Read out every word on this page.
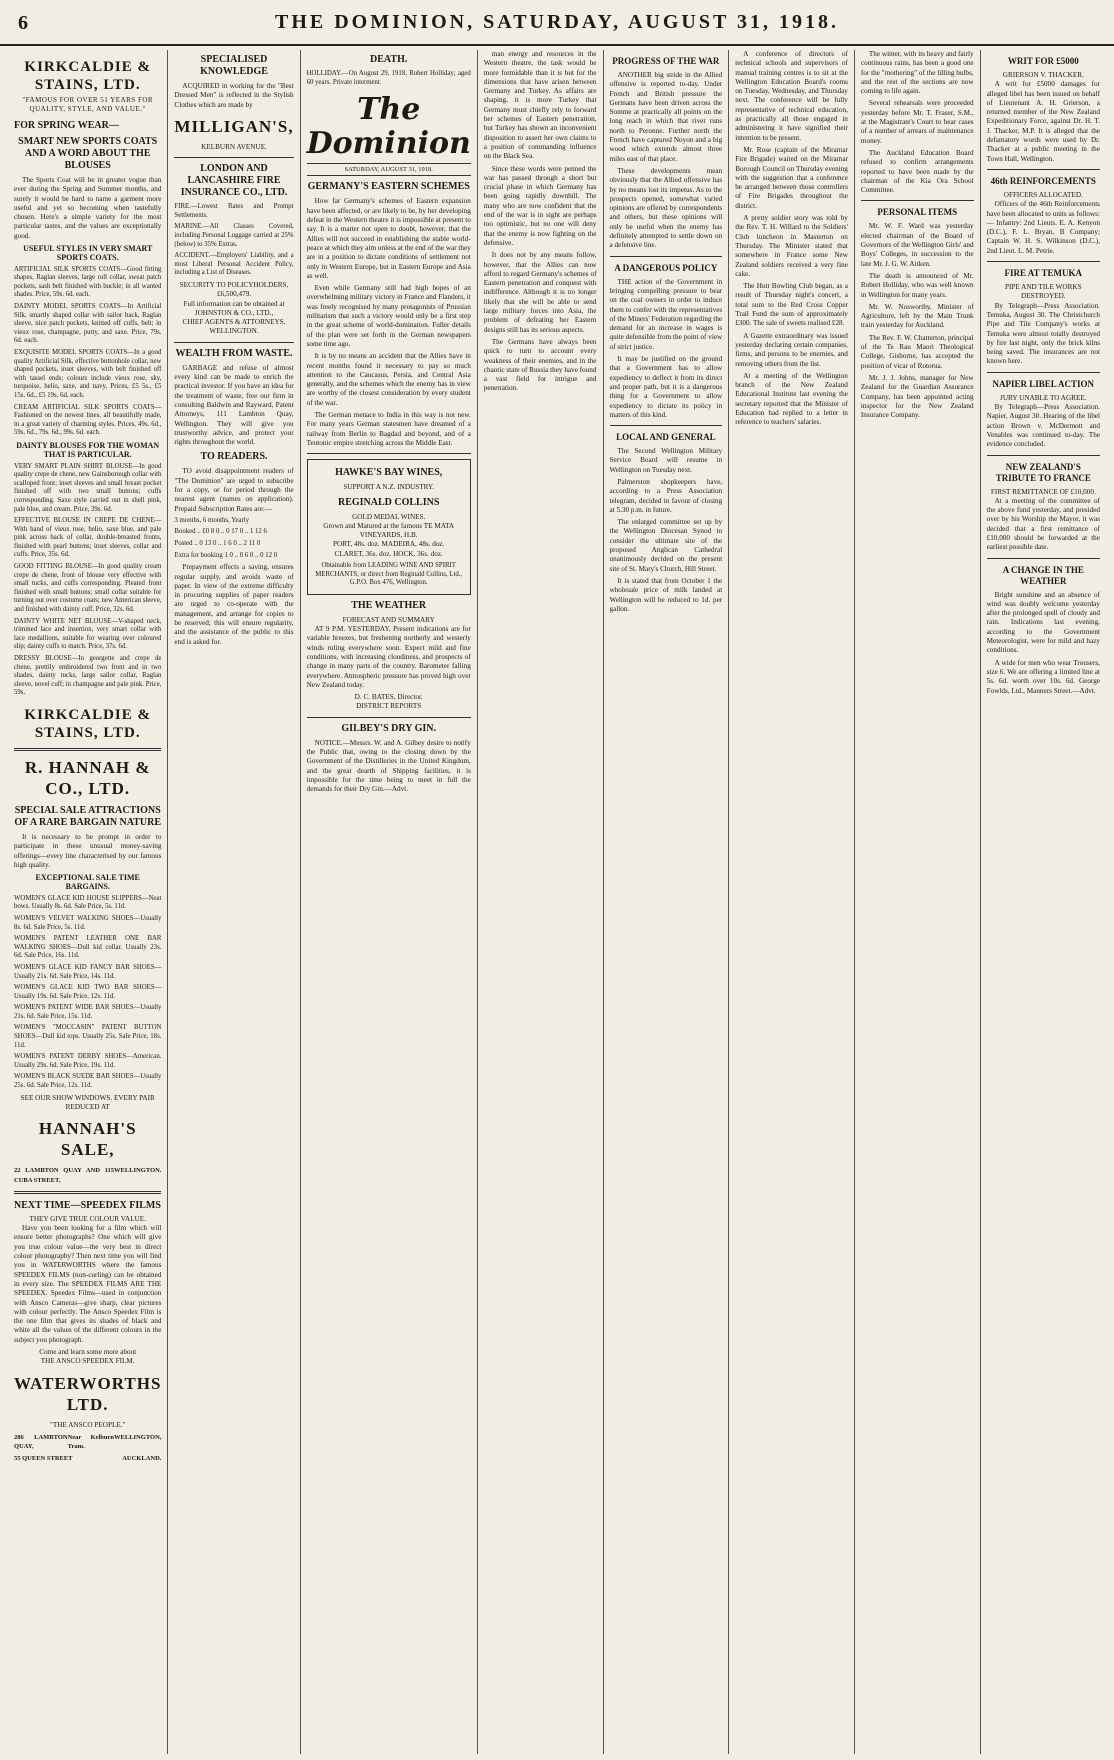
6	THE DOMINION, SATURDAY, AUGUST 31, 1918.
KIRKCALDIE & STAINS, LTD.
"FAMOUS FOR OVER 51 YEARS FOR QUALITY, STYLE, AND VALUE."
FOR SPRING WEAR—
SMART NEW SPORTS COATS AND A WORD ABOUT THE BLOUSES
The Sports Coat will be in greater vogue than ever during the Spring and Summer months, and surely it would be hard to name a garment more useful and yet so becoming when tastefully chosen. Here's a simple variety for the most particular tastes, and the values are exceptionally good.
USEFUL STYLES IN VERY SMART SPORTS COATS.
ARTIFICIAL SILK SPORTS COATS—Good fitting shapes, Raglan sleeves, large roll collar, sweat patch pockets, sash belt finished with buckle; in all wanted shades. Price, 59s. 6d. each.
DAINTY MODEL SPORTS COATS—In Artificial Silk, smartly shaped collar with sailor back, Raglan sleeve, nice patch pockets, knitted off cuffs, belt; in vieux rose, champagne, putty, and saxe. Price, 79s. 6d. each.
EXQUISITE MODEL SPORTS COATS—In a good quality Artificial Silk, effective buttonhole collar, new shaped pockets, inset sleeves, with belt finished off with tassel ends; colours include vieux rose, sky, turquoise, helio, saxe, and navy. Prices, £5 5s., £5 15s. 6d., £5 19s. 6d. each.
CREAM ARTIFICIAL SILK SPORTS COATS—Fashioned on the newest lines, all beautifully made, in a great variety of charming styles. Prices, 49s. 6d., 59s. 6d., 79s. 6d., 99s. 6d. each.
DAINTY BLOUSES FOR THE WOMAN THAT IS PARTICULAR.
VERY SMART PLAIN SHIRT BLOUSE—In good quality crepe de chene, new Gainsborough collar with scalloped front; inset sleeves and small breast pocket finished off with two small buttons; cuffs corresponding. Saxe style carried out in shell pink, pale blue, and cream. Price, 39s. 6d.
EFFECTIVE BLOUSE IN CREPE DE CHENE—With band of vieux rose, helio, saxe blue, and pale pink across back of collar, double-breasted fronts, finished with pearl buttons; inset sleeves, collar and cuffs. Price, 35s. 6d.
GOOD FITTING BLOUSE—In good quality cream crepe de chene, front of blouse very effective with small tucks, and cuffs corresponding. Pleated front finished with small buttons; small collar suitable for turning out over costume coats; new American sleeve, and finished with dainty cuff. Price, 32s. 6d.
DAINTY WHITE NET BLOUSE—V-shaped neck, trimmed lace and insertion, very smart collar with lace medallions, suitable for wearing over coloured slip; dainty cuffs to match. Price, 37s. 6d.
DRESSY BLOUSE—In georgette and crepe de chene, prettily embroidered two front and in two shades, dainty tucks, large sailor collar, Raglan sleeve, novel cuff; in champagne and pale pink. Price, 59s.
KIRKCALDIE & STAINS, LTD.
R. HANNAH & CO., LTD.
SPECIAL SALE ATTRACTIONS OF A RARE BARGAIN NATURE
It is necessary to be prompt in order to participate in these unusual money-saving offerings—every line characterised by our famous high quality.
EXCEPTIONAL SALE TIME BARGAINS.
WOMEN'S GLACE KID HOUSE SLIPPERS—Neat bows. Usually 8s. 6d. Sale Price, 5s. 11d.
WOMEN'S VELVET WALKING SHOES—Usually 8s. 6d. Sale Price, 5s. 11d.
WOMEN'S PATENT LEATHER ONE BAR WALKING SHOES—Dull kid collar. Usually 23s. 6d. Sale Price, 16s. 11d.
WOMEN'S GLACE KID FANCY BAR SHOES—Usually 21s. 6d. Sale Price, 14s. 11d.
WOMEN'S GLACE KID TWO BAR SHOES—Usually 19s. 6d. Sale Price, 12s. 11d.
WOMEN'S PATENT WIDE BAR SHOES—Usually 21s. 6d. Sale Price, 15s. 11d.
WOMEN'S "MOCCASIN" PATENT BUTTON SHOES—Dull kid tops. Usually 25s. Sale Price, 18s. 11d.
WOMEN'S PATENT DERBY SHOES—American. Usually 29s. 6d. Sale Price, 19s. 11d.
WOMEN'S BLACK SUEDE BAR SHOES—Usually 25s. 6d. Sale Price, 12s. 11d.
SEE OUR SHOW WINDOWS. EVERY PAIR REDUCED AT
HANNAH'S SALE,
22 LAMBTON QUAY AND 115 CUBA STREET,
WELLINGTON.
NEXT TIME—SPEEDEX FILMS
THEY GIVE TRUE COLOUR VALUE.
Have you been looking for a film which will ensure better photographs? One which will give you true colour value—the very best in direct colour photography? Then next time you will find you in WATERWORTHS where the famous SPEEDEX FILMS (non-curling) can be obtained in every size. The SPEEDEX FILMS ARE THE SPEEDEX. Speedex Films—used in conjunction with Ansco Cameras—give sharp, clear pictures with colour perfectly. The Ansco Speedex Film is the one film that gives its shades of black and white all the values of the different colours in the subject you photograph.
Come and learn some more about
THE ANSCO SPEEDEX FILM.
WATERWORTHS LTD.
"THE ANSCO PEOPLE."
286 LAMBTON QUAY,
Near Kelburn Tram.
WELLINGTON,
55 QUEEN STREET	AUCKLAND.
SPECIALISED KNOWLEDGE
ACQUIRED in working for the "Best Dressed Men" is reflected in the Stylish Clothes which are made by
MILLIGAN'S,
KELBURN AVENUE.
LONDON AND LANCASHIRE FIRE INSURANCE CO., LTD.
FIRE.—Lowest Rates and Prompt Settlements.
MARINE.—All Classes Covered, including Personal Luggage carried at 25% (below) to 35% Extras.
ACCIDENT.—Employers' Liability, and a most Liberal Personal Accident Policy, including a List of Diseases.
SECURITY TO POLICYHOLDERS,
£6,500,479.
Full information can be obtained at
JOHNSTON & CO., LTD.,
CHIEF AGENTS & ATTORNEYS,
WELLINGTON.
WEALTH FROM WASTE.
GARBAGE and refuse of almost every kind can be made to enrich the practical investor. If you have an idea for the treatment of waste, free our firm in consulting Baldwin and Rayward, Patent Attorneys, 111 Lambton Quay, Wellington. They will give you trustworthy advice, and protect your rights throughout the world.
TO READERS.
TO avoid disappointment readers of "The Dominion" are urged to subscribe for a copy, or for period through the nearest agent (names on application). Prepaid Subscription Rates are:—
3 months, 6 months, Yearly
Booked .. £0 8 0 .. 0 17 0 .. 1 12 6
Posted .. 0 13 0 .. 1 6 0 .. 2 11 0
Extra for booking 1 0 .. 0 6 0 .. 0 12 0
Prepayment effects a saving, ensures regular supply, and avoids waste of paper. In view of the extreme difficulty in procuring supplies of paper readers are urged to co-operate with the management, and arrange for copies to be reserved; this will ensure regularity, and the assistance of the public to this end is asked for.
DEATH.
HOLLIDAY.—On August 29, 1918, Robert Holliday; aged 60 years. Private interment.
The Dominion
SATURDAY, AUGUST 31, 1918.
GERMANY'S EASTERN SCHEMES
How far Germany's schemes of Eastern expansion have been affected, or are likely to be, by her developing defeat in the Western theatre it is impossible at present to say. It is a matter not open to doubt, however, that the Allies will not succeed in establishing the stable world-peace at which they aim unless at the end of the war they are in a position to dictate conditions of settlement not only in Western Europe, but in Eastern Europe and Asia as well.
Even while Germany still had high hopes of an overwhelming military victory in France and Flanders, it was freely recognised by many protagonists of Prussian militarism that such a victory would only be a first step in the great scheme of world-domination. Fuller details of the plan were set forth in the German newspapers some time ago.
It is by no means an accident that the Allies have in recent months found it necessary to pay so much attention to the Caucasus, Persia, and Central Asia generally, and the schemes which the enemy has in view are worthy of the closest consideration by every student of the war.
The German menace to India in this way is not new. For many years German statesmen have dreamed of a railway from Berlin to Bagdad and beyond, and of a Teutonic empire stretching across the Middle East.
HAWKE'S BAY WINES,
SUPPORT A N.Z. INDUSTRY.
REGINALD COLLINS
GOLD MEDAL WINES.
Grown and Matured at the famous TE MATA VINEYARDS, H.B.
PORT, 48s. doz. MADEIRA, 48s. doz.
CLARET, 36s. doz. HOCK, 36s. doz.
Obtainable from LEADING WINE AND SPIRIT MERCHANTS, or direct from Reginald Collins, Ltd., G.P.O. Box 476, Wellington.
THE WEATHER
FORECAST AND SUMMARY
AT 9 P.M. YESTERDAY. Present indications are for variable breezes, but freshening northerly and westerly winds ruling everywhere soon. Expect mild and fine conditions, with increasing cloudiness, and prospects of change in many parts of the country. Barometer falling everywhere. Atmospheric pressure has proved high over New Zealand today.
D. C. BATES, Director.
DISTRICT REPORTS
GILBEY'S DRY GIN.
NOTICE.—Messrs. W. and A. Gilbey desire to notify the Public that, owing to the closing down by the Government of the Distilleries in the United Kingdom, and the great dearth of Shipping facilities, it is impossible for the time being to meet in full the demands for their Dry Gin.—Advt.
man energy and resources in the Western theatre, the task would be more formidable than it is but for the dimensions that have arisen between Germany and Turkey. As affairs are shaping, it is more Turkey that Germany must chiefly rely to forward her schemes of Eastern penetration, but Turkey has shown an inconvenient disposition to assert her own claims to a position of commanding influence on the Black Sea.
Since these words were penned the war has passed through a short but crucial phase in which Germany has been going rapidly downhill. The many who are now confident that the end of the war is in sight are perhaps too optimistic, but no one will deny that the enemy is now fighting on the defensive.
It does not by any means follow, however, that the Allies can now afford to regard Germany's schemes of Eastern penetration and conquest with indifference. Although it is no longer likely that she will be able to send large military forces into Asia, the problem of defeating her Eastern designs still has its serious aspects.
The Germans have always been quick to turn to account every weakness of their enemies, and in the chaotic state of Russia they have found a vast field for intrigue and penetration.
PROGRESS OF THE WAR
ANOTHER big stride in the Allied offensive is reported to-day. Under French and British pressure the Germans have been driven across the Somme at practically all points on the long reach in which that river runs north to Peronne. Further north the French have captured Noyon and a big wood which extends almost three miles east of that place.
These developments mean obviously that the Allied offensive has by no means lost its impetus. As to the prospects opened, somewhat varied opinions are offered by correspondents and others, but these opinions will only be useful when the enemy has definitely attempted to settle down on a defensive line.
A DANGEROUS POLICY
THE action of the Government in bringing compelling pressure to bear on the coal owners in order to induce them to confer with the representatives of the Miners' Federation regarding the demand for an increase in wages is quite defensible from the point of view of strict justice.
It may be justified on the ground that a Government has to allow expediency to deflect it from its direct and proper path, but it is a dangerous thing for a Government to allow expediency to dictate its policy in matters of this kind.
LOCAL AND GENERAL
The Second Wellington Military Service Board will resume in Wellington on Tuesday next.
Palmerston shopkeepers have, according to a Press Association telegram, decided in favour of closing at 5.30 p.m. in future.
The enlarged committee set up by the Wellington Diocesan Synod to consider the ultimate site of the proposed Anglican Cathedral unanimously decided on the present site of St. Mary's Church, Hill Street.
It is stated that from October 1 the wholesale price of milk landed at Wellington will be reduced to 1d. per gallon.
A conference of directors of technical schools and supervisors of manual training centres is to sit at the Wellington Education Board's rooms on Tuesday, Wednesday, and Thursday next. The conference will be fully representative of technical education, as practically all those engaged in administering it have signified their intention to be present.
Mr. Rose (captain of the Miramar Fire Brigade) waited on the Miramar Borough Council on Thursday evening with the suggestion that a conference be arranged between those controllers of Fire Brigades throughout the district.
A pretty soldier story was told by the Rev. T. H. Willard to the Soldiers' Club luncheon in Masterton on Thursday. The Minister stated that somewhere in France some New Zealand soldiers received a very fine cake.
The Hutt Bowling Club began, as a result of Thursday night's concert, a total sum to the Red Cross Copper Trail Fund the sum of approximately £300. The sale of sweets realised £28.
A Gazette extraordinary was issued yesterday declaring certain companies, firms, and persons to be enemies, and removing others from the list.
At a meeting of the Wellington branch of the New Zealand Educational Institute last evening the secretary reported that the Minister of Education had replied to a letter in reference to teachers' salaries.
The winter, with its heavy and fairly continuous rains, has been a good one for the "mothering" of the lilling bulbs, and the rest of the sections are now coming to life again.
Several rehearsals were proceeded yesterday before Mr. T. Fraser, S.M., at the Magistrate's Court to hear cases of a number of arrears of maintenance money.
The Auckland Education Board refused to confirm arrangements reported to have been made by the chairman of the Kia Ora School Committee.
PERSONAL ITEMS
Mr. W. F. Ward was yesterday elected chairman of the Board of Governors of the Wellington Girls' and Boys' Colleges, in succession to the late Mr. J. G. W. Aitken.
The death is announced of Mr. Robert Holliday, who was well known in Wellington for many years.
Mr. W. Nosworthy, Minister of Agriculture, left by the Main Trunk train yesterday for Auckland.
The Rev. F. W. Chatterton, principal of the Te Rau Maori Theological College, Gisborne, has accepted the position of vicar of Rotorua.
Mr. J. J. Johns, manager for New Zealand for the Guardian Assurance Company, has been appointed acting inspector for the New Zealand Insurance Company.
WRIT FOR £5000
GRIERSON V. THACKER.
A writ for £5000 damages for alleged libel has been issued on behalf of Lieutenant A. H. Grierson, a returned member of the New Zealand Expeditionary Force, against Dr. H. T. J. Thacker, M.P. It is alleged that the defamatory words were used by Dr. Thacker at a public meeting in the Town Hall, Wellington.
46th REINFORCEMENTS
OFFICERS ALLOCATED.
Officers of the 46th Reinforcements have been allocated to units as follows:— Infantry: 2nd Lieuts. E. A. Kenyon (D.C.), F. L. Bryan, B Company; Captain W. H. S. Wilkinson (D.C.), 2nd Lieut. L. M. Petrie.
FIRE AT TEMUKA
PIPE AND TILE WORKS DESTROYED.
By Telegraph—Press Association. Temuka, August 30. The Christchurch Pipe and Tile Company's works at Temuka were almost totally destroyed by fire last night, only the brick kilns being saved. The insurances are not known here.
NAPIER LIBEL ACTION
JURY UNABLE TO AGREE.
By Telegraph—Press Association. Napier, August 30. Hearing of the libel action Brown v. McDermott and Venables was continued to-day. The evidence concluded.
NEW ZEALAND'S TRIBUTE TO FRANCE
FIRST REMITTANCE OF £10,000.
At a meeting of the committee of the above fund yesterday, and presided over by his Worship the Mayor, it was decided that a first remittance of £10,000 should be forwarded at the earliest possible date.
A CHANGE IN THE WEATHER
Bright sunshine and an absence of wind was doubly welcome yesterday after the prolonged spell of cloudy and rain. Indications last evening, according to the Government Meteorologist, were for mild and hazy conditions.
A wide for men who wear Trousers, size 6. We are offering a limited line at 5s. 6d. worth over 10s. 6d. George Fowlds, Ltd., Manners Street.—Advt.
